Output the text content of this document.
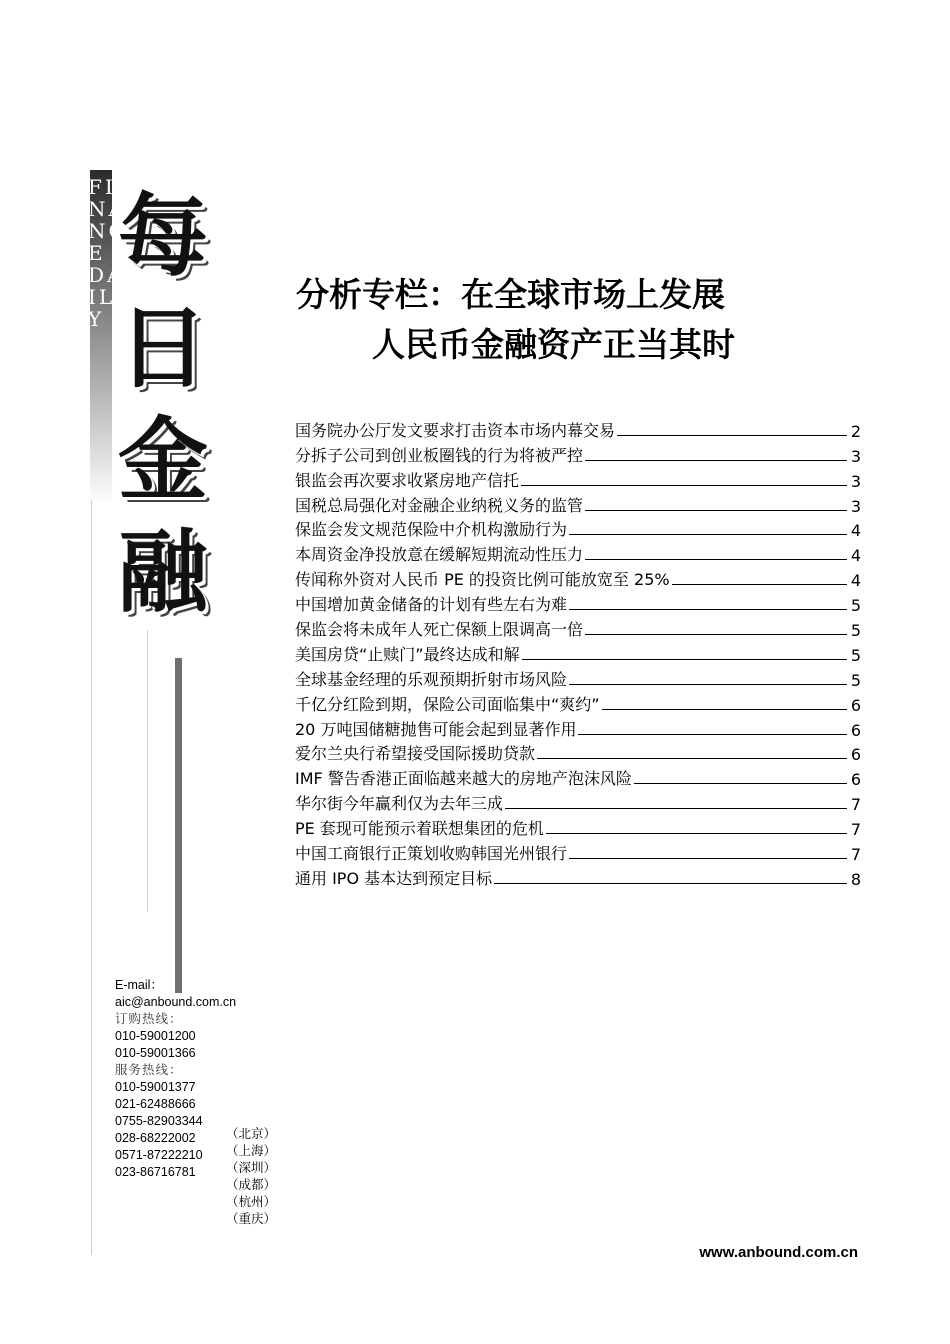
FI
NA
NC
E
DA
IL
Y
每
日
金
融
分析专栏：在全球市场上发展
人民币金融资产正当其时
国务院办公厅发文要求打击资本市场内幕交易	2
分拆子公司到创业板圈钱的行为将被严控	3
银监会再次要求收紧房地产信托	3
国税总局强化对金融企业纳税义务的监管	3
保监会发文规范保险中介机构激励行为	4
本周资金净投放意在缓解短期流动性压力	4
传闻称外资对人民币 PE 的投资比例可能放宽至 25%	4
中国增加黄金储备的计划有些左右为难	5
保监会将未成年人死亡保额上限调高一倍	5
美国房贷“止赎门”最终达成和解	5
全球基金经理的乐观预期折射市场风险	5
千亿分红险到期，保险公司面临集中“爽约”	6
20 万吨国储糖抛售可能会起到显著作用	6
爱尔兰央行希望接受国际援助贷款	6
IMF 警告香港正面临越来越大的房地产泡沫风险	6
华尔街今年赢利仅为去年三成	7
PE 套现可能预示着联想集团的危机	7
中国工商银行正策划收购韩国光州银行	7
通用 IPO 基本达到预定目标	8
E-mail：
aic@anbound.com.cn
订购热线：
010-59001200
010-59001366
服务热线：
010-59001377
021-62488666
0755-82903344
028-68222002
0571-87222210
023-86716781
（北京）
（上海）
（深圳）
（成都）
（杭州）
（重庆）
www.anbound.com.cn
